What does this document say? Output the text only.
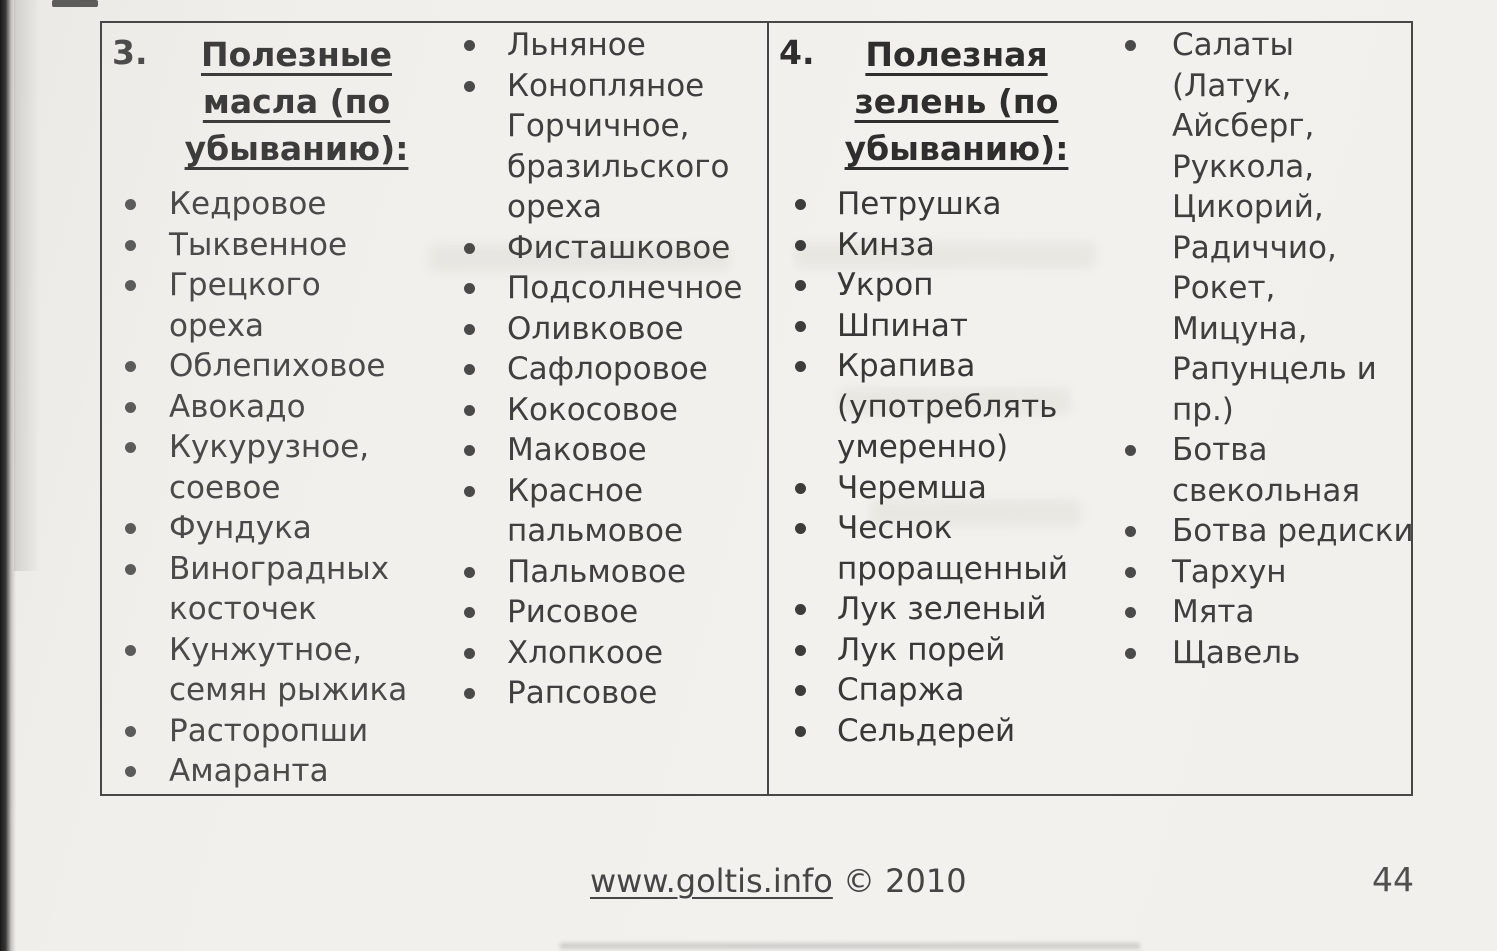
3.	Полезные масла (по убыванию):
Кедровое
Тыквенное
Грецкого ореха
Облепиховое
Авокадо
Кукурузное, соевое
Фундука
Виноградных косточек
Кунжутное, семян рыжика
Расторопши
Амаранта
Льняное
Конопляное Горчичное, бразильского ореха
Фисташковое
Подсолнечное
Оливковое
Сафлоровое
Кокосовое
Маковое
Красное пальмовое
Пальмовое
Рисовое
Хлопкоое
Рапсовое
4.	Полезная зелень (по убыванию):
Петрушка
Кинза
Укроп
Шпинат
Крапива (употреблять умеренно)
Черемша
Чеснок проращенный
Лук зеленый
Лук порей
Спаржа
Сельдерей
Салаты (Латук, Айсберг, Руккола, Цикорий, Радиччио, Рокет, Мицуна, Рапунцель и пр.)
Ботва свекольная
Ботва редиски
Тархун
Мята
Щавель
www.goltis.info © 2010	44
